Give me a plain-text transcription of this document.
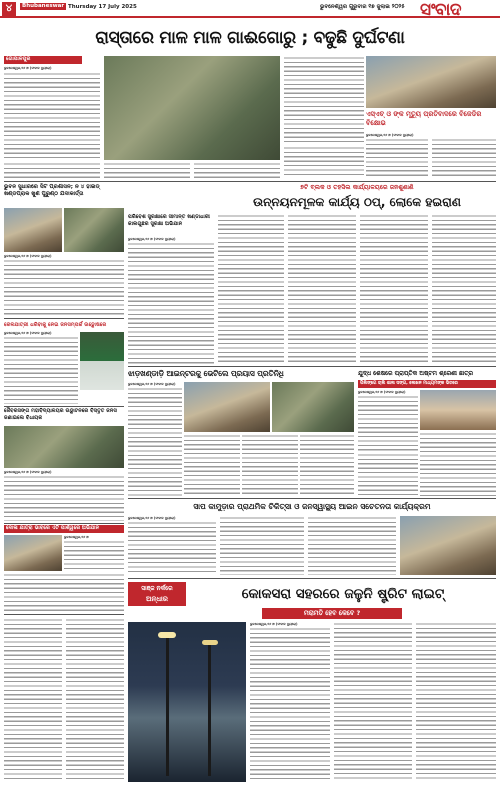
୪	Bhubaneswar Thursday 17 July 2025	ଭୁବନେଶ୍ୱର ଗୁରୁବାର ୧୭ ଜୁଲାଇ ୨୦୨୫ ସଂବାଦ
ରାସ୍ତାରେ ମାଳ ମାଳ ଗାଈଗୋରୁ ; ବଢୁଛି ଦୁର୍ଘଟଣା
ଗୋପାଳପୁର
ଭୁବନେଶ୍ୱର,୧୬।୭ (ସଂବାଦ ବ୍ୟୁରୋ)
ଏସ୍ଏଚ୍ ଓ ଙ୍କ ମୃତ୍ୟୁ ପ୍ରତିବାଦରେ ବିଜେଡିର ବିକ୍ଷୋଭ
ଭୁବନେଶ୍ୱର,୧୬।୭ (ସଂବାଦ ବ୍ୟୁରୋ)
୭ଟି ବ୍ଲକ ଓ ତହସିଲ କାର୍ଯ୍ୟାଳୟରେ ଜନଶୁଣାଣି
ଉନ୍ନୟନମୂଳକ କାର୍ଯ୍ୟ ଠପ୍, ଲୋକେ ହଇରାଣ
ଭୁବନ ସୁଧାରରେ ସିଟ ପ୍ରଶାସନ; ନ ୪ ହାଇଡ୍ ଖଣ୍ଡପ୍ରାକ ଖୁଣ ପୁରୁଣ୍ଠ ଯଦାକାର୍ତ୍ତା
ଭୁବନେଶ୍ୱର,୧୬।୭ (ସଂବାଦ ବ୍ୟୁରୋ)
ରେଳଯାତ୍ରୀ ଧରିବାକୁ ନେଇ ଜନସମ୍ପର୍କ ଉଦ୍ଘୋଷରେ
ଭୁବନେଶ୍ୱର,୧୬।୭ (ସଂବାଦ ବ୍ୟୁରୋ)
ଜୈବରସଙ୍ଗ ମହାବିଦ୍ୟାଳୟର ଉଦ୍ଘାଟନରେ ବିସ୍ତୃତ ଜନସ ଜଣାଇଲେ ବିଧାୟକ
ଭୁବନେଶ୍ୱର,୧୬।୭ (ସଂବାଦ ବ୍ୟୁରୋ)
ଦୋଳା ଯାତ୍ରା ଭାବରେ ଏଟି ପାର୍ଶ୍ୱରେ ଅଭିଯାନ
ଭୁବନେଶ୍ୱର,୧୬।୭
ପରିବେଶ ସୁରକ୍ଷାରେ ସୀମାନ୍ତ ଖଣ୍ଡାଧାରୀ କାଲଗୁଛର ସୁରକ୍ଷା ଅଭିଯାନ
ଭୁବନେଶ୍ୱର,୧୬।୭ (ସଂବାଦ ବ୍ୟୁରୋ)
ଝାଡ଼ଖଣ୍ଡାଡ଼ି ଆଇନ୍ଟରକୁ ଭେଟିଲେ ପ୍ରୟାସ ପ୍ରତିନିଧି
ଭୁବନେଶ୍ୱର,୧୬।୭ (ସଂବାଦ ବ୍ୟୁରୋ)
ଯୁଦ୍ଧ ଶେଷରେ ପ୍ରାପ୍ତିକ ଅଷ୍ଟମ ଶ୍ରେଣୀ ଛାତ୍ର
ପିଲିଙ୍ଗେ ଚାଲି ଶାଳା ସଙ୍ଗ, ଲେଖନ ମାଧ୍ୟମଙ୍କ ଭିତରେ
ଭୁବନେଶ୍ୱର,୧୬।୭ (ସଂବାଦ ବ୍ୟୁରୋ)
ସାପ କାମୁଡ଼ାର ପ୍ରାଥମିକ ଚିକିତ୍ସା ଓ ଜନସ୍ୱାସ୍ଥ୍ୟ ଆଇନ ସଚେତନତା କାର୍ଯ୍ୟକ୍ରମ
ଭୁବନେଶ୍ୱର,୧୬।୭ (ସଂବାଦ ବ୍ୟୁରୋ)
ସାଞ୍ଜ ନର୍କରେ
ଅନ୍ଧାର	କୋକସରା ସହରରେ ଜଳୁନି ଷ୍ଟ୍ରିଟ ଲାଇଟ୍
ମରାମତି ହେବ କେବେ ?
ଭୁବନେଶ୍ୱର,୧୬।୭ (ସଂବାଦ ବ୍ୟୁରୋ)
